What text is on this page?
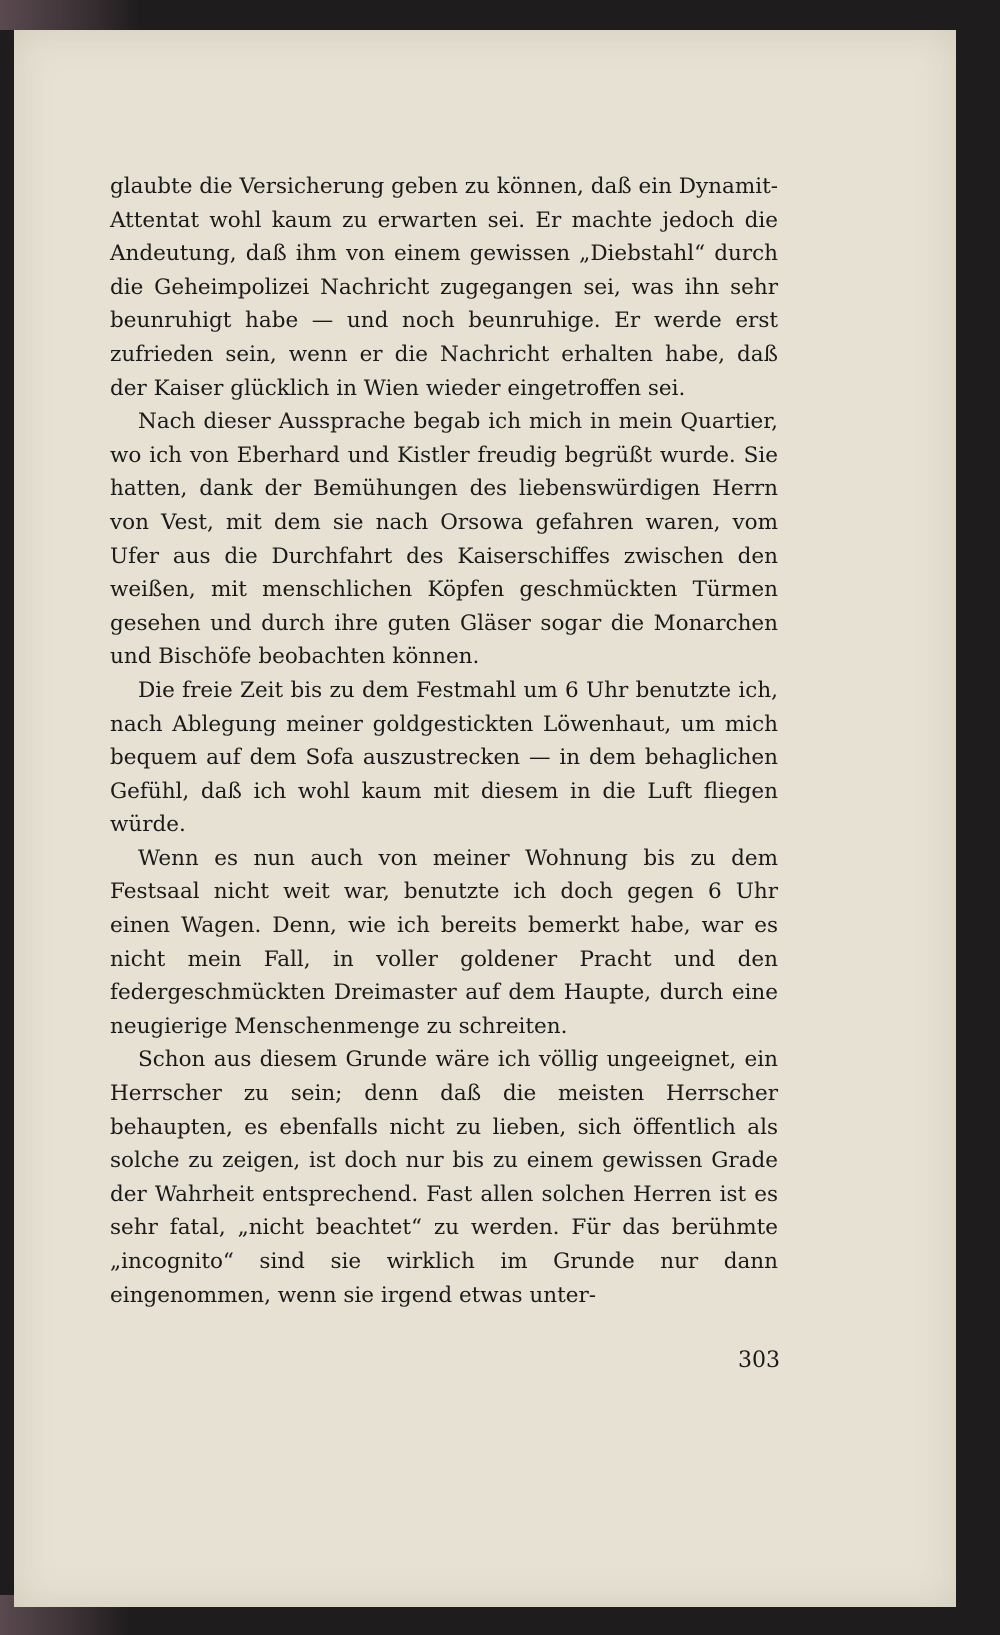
glaubte die Versicherung geben zu können, daß ein Dynamit-Attentat wohl kaum zu erwarten sei. Er machte jedoch die Andeutung, daß ihm von einem gewissen „Diebstahl“ durch die Geheimpolizei Nachricht zugegangen sei, was ihn sehr beunruhigt habe — und noch beunruhige. Er werde erst zufrieden sein, wenn er die Nachricht erhalten habe, daß der Kaiser glücklich in Wien wieder eingetroffen sei.

Nach dieser Aussprache begab ich mich in mein Quartier, wo ich von Eberhard und Kistler freudig begrüßt wurde. Sie hatten, dank der Bemühungen des liebenswürdigen Herrn von Vest, mit dem sie nach Orsowa gefahren waren, vom Ufer aus die Durchfahrt des Kaiserschiffes zwischen den weißen, mit menschlichen Köpfen geschmückten Türmen gesehen und durch ihre guten Gläser sogar die Monarchen und Bischöfe beobachten können.

Die freie Zeit bis zu dem Festmahl um 6 Uhr benutzte ich, nach Ablegung meiner goldgestickten Löwenhaut, um mich bequem auf dem Sofa auszustrecken — in dem behaglichen Gefühl, daß ich wohl kaum mit diesem in die Luft fliegen würde.

Wenn es nun auch von meiner Wohnung bis zu dem Festsaal nicht weit war, benutzte ich doch gegen 6 Uhr einen Wagen. Denn, wie ich bereits bemerkt habe, war es nicht mein Fall, in voller goldener Pracht und den federgeschmückten Dreimaster auf dem Haupte, durch eine neugierige Menschenmenge zu schreiten.

Schon aus diesem Grunde wäre ich völlig ungeeignet, ein Herrscher zu sein; denn daß die meisten Herrscher behaupten, es ebenfalls nicht zu lieben, sich öffentlich als solche zu zeigen, ist doch nur bis zu einem gewissen Grade der Wahrheit entsprechend. Fast allen solchen Herren ist es sehr fatal, „nicht beachtet“ zu werden. Für das berühmte „incognito“ sind sie wirklich im Grunde nur dann eingenommen, wenn sie irgend etwas unter-

303
